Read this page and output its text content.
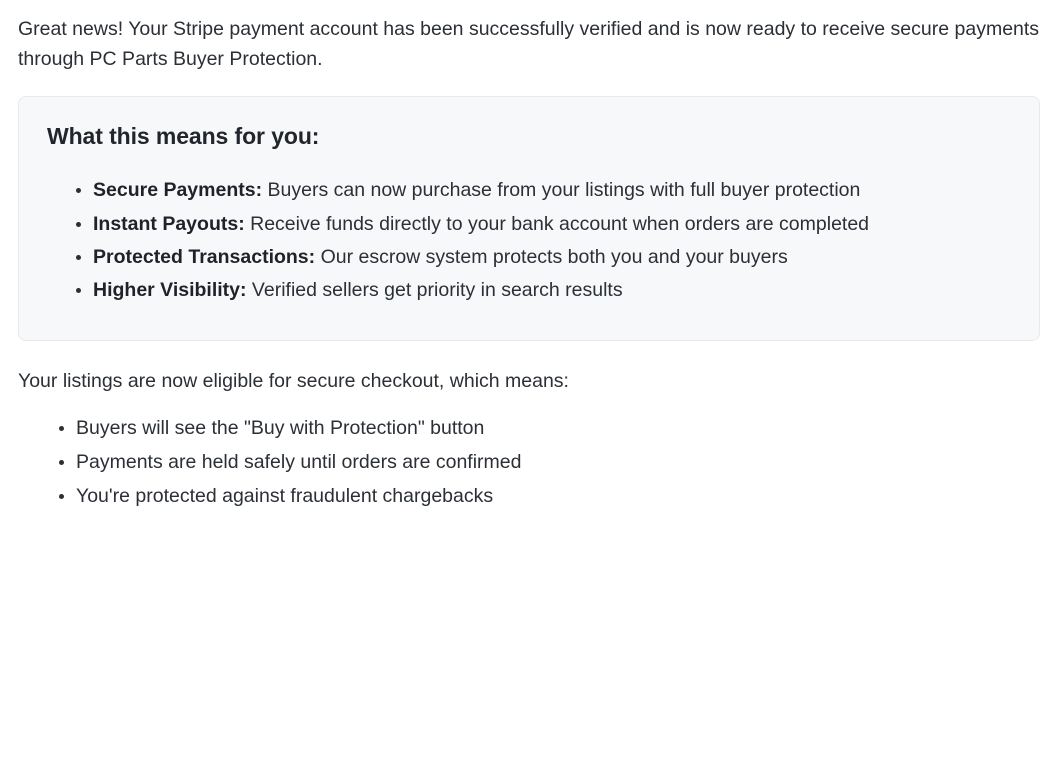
Great news! Your Stripe payment account has been successfully verified and is now ready to receive secure payments through PC Parts Buyer Protection.

What this means for you:
• Secure Payments: Buyers can now purchase from your listings with full buyer protection
• Instant Payouts: Receive funds directly to your bank account when orders are completed
• Protected Transactions: Our escrow system protects both you and your buyers
• Higher Visibility: Verified sellers get priority in search results

Your listings are now eligible for secure checkout, which means:

• Buyers will see the "Buy with Protection" button
• Payments are held safely until orders are confirmed
• You're protected against fraudulent chargebacks
